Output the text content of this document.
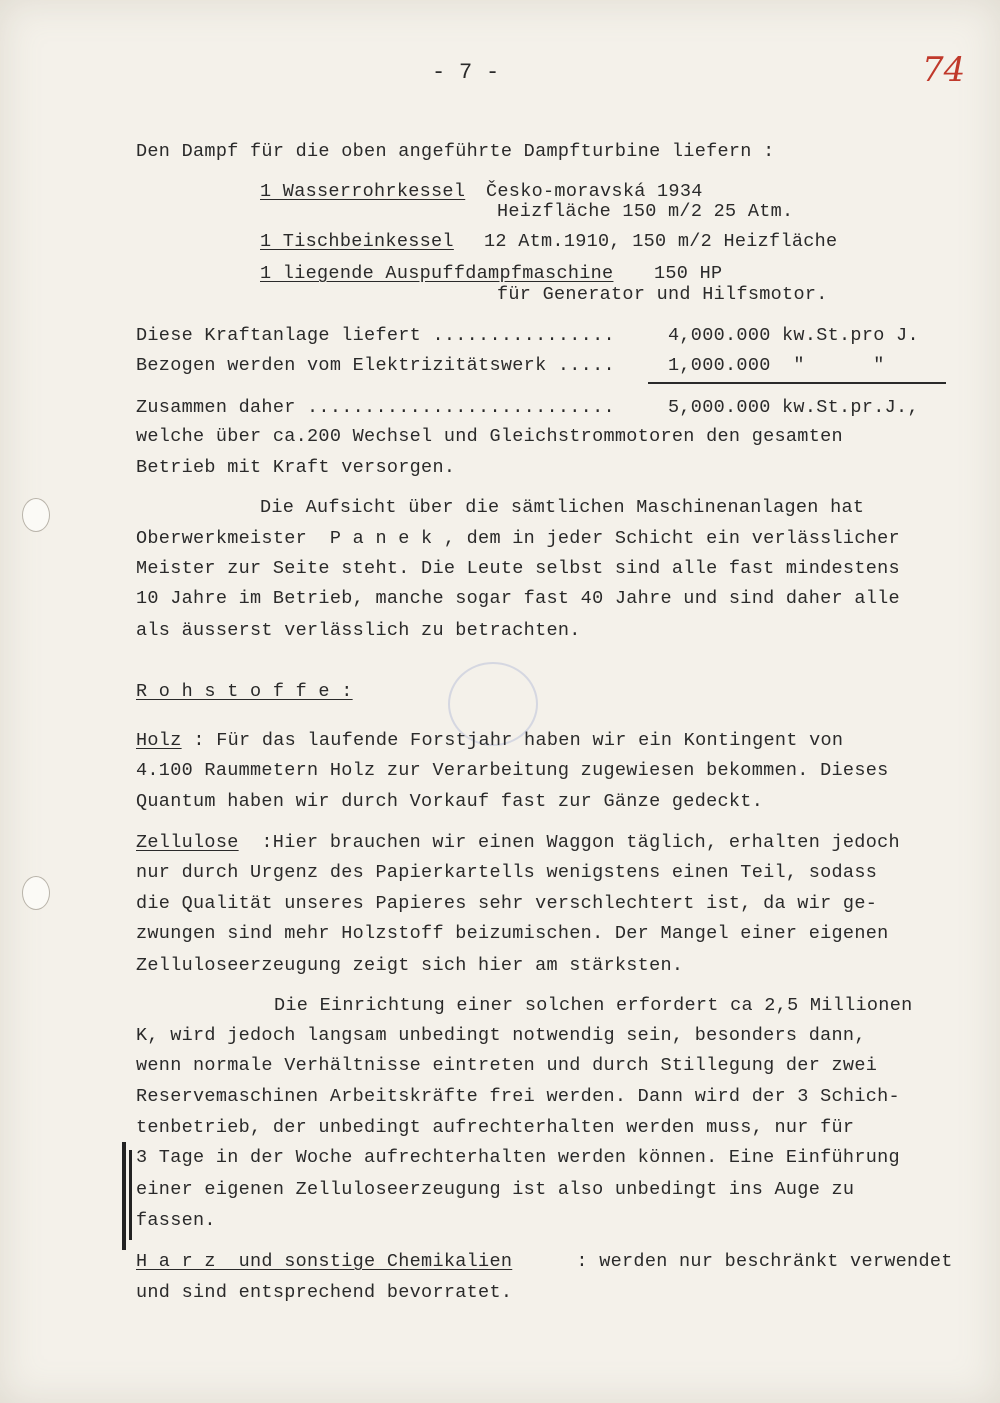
- 7 -	74
Den Dampf für die oben angeführte Dampfturbine liefern :
1 Wasserrohrkessel Česko-moravská 1934
Heizfläche 150 m/2 25 Atm.
1 Tischbeinkessel 12 Atm.1910, 150 m/2 Heizfläche
1 liegende Auspuffdampfmaschine 150 HP
für Generator und Hilfsmotor.
Diese Kraftanlage liefert ................	4,000.000 kw.St.pro J.
Bezogen werden vom Elektrizitätswerk .....	1,000.000  "      "
Zusammen daher ...........................	5,000.000 kw.St.pr.J.,
welche über ca.200 Wechsel und Gleichstrommotoren den gesamten
Betrieb mit Kraft versorgen.
Die Aufsicht über die sämtlichen Maschinenanlagen hat
Oberwerkmeister  P a n e k , dem in jeder Schicht ein verlässlicher
Meister zur Seite steht. Die Leute selbst sind alle fast mindestens
10 Jahre im Betrieb, manche sogar fast 40 Jahre und sind daher alle
als äusserst verlässlich zu betrachten.
R o h s t o f f e :
Holz : Für das laufende Forstjahr haben wir ein Kontingent von
4.100 Raummetern Holz zur Verarbeitung zugewiesen bekommen. Dieses
Quantum haben wir durch Vorkauf fast zur Gänze gedeckt.
Zellulose :Hier brauchen wir einen Waggon täglich, erhalten jedoch
nur durch Urgenz des Papierkartells wenigstens einen Teil, sodass
die Qualität unseres Papieres sehr verschlechtert ist, da wir ge-
zwungen sind mehr Holzstoff beizumischen. Der Mangel einer eigenen
Zelluloseerzeugung zeigt sich hier am stärksten.
Die Einrichtung einer solchen erfordert ca 2,5 Millionen
K, wird jedoch langsam unbedingt notwendig sein, besonders dann,
wenn normale Verhältnisse eintreten und durch Stillegung der zwei
Reservemaschinen Arbeitskräfte frei werden. Dann wird der 3 Schich-
tenbetrieb, der unbedingt aufrechterhalten werden muss, nur für
3 Tage in der Woche aufrechterhalten werden können. Eine Einführung
einer eigenen Zelluloseerzeugung ist also unbedingt ins Auge zu
fassen.
H a r z  und sonstige Chemikalien	: werden nur beschränkt verwendet
und sind entsprechend bevorratet.
